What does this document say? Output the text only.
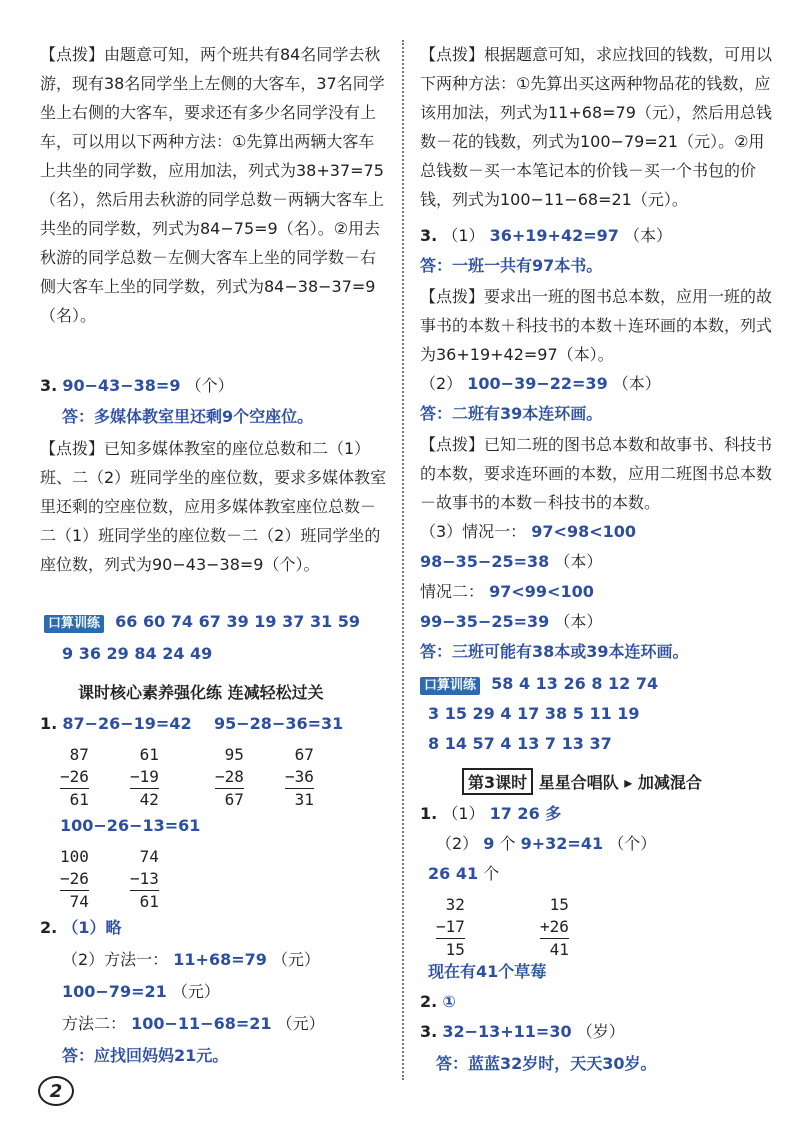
【点拨】由题意可知，两个班共有84名同学去秋游，现有38名同学坐上左侧的大客车，37名同学坐上右侧的大客车，要求还有多少名同学没有上车，可以用以下两种方法：①先算出两辆大客车上共坐的同学数，应用加法，列式为38+37=75（名），然后用去秋游的同学总数－两辆大客车上共坐的同学数，列式为84−75=9（名）。②用去秋游的同学总数－左侧大客车上坐的同学数－右侧大客车上坐的同学数，列式为84−38−37=9（名）。

3. 90−43−38=9 （个）
答：多媒体教室里还剩9个空座位。

【点拨】已知多媒体教室的座位总数和二（1）班、二（2）班同学坐的座位数，要求多媒体教室里还剩的空座位数，应用多媒体教室座位总数－二（1）班同学坐的座位数－二（2）班同学坐的座位数，列式为90−43−38=9（个）。

口算训练 66 60 74 67 39 19 37 31 59
9 36 29 84 24 49
课时核心素养强化练 连减轻松过关
1. 87−26−19=42 95−28−36=31
87
−26
61
61
−19
42
95
−28
67
67
−36
31
100−26−13=61
100
−26
74
74
−13
61
2. （1）略
（2）方法一： 11+68=79 （元）
100−79=21 （元）
方法二： 100−11−68=21 （元）
答：应找回妈妈21元。
2

【点拨】根据题意可知，求应找回的钱数，可用以下两种方法：①先算出买这两种物品花的钱数，应该用加法，列式为11+68=79（元），然后用总钱数－花的钱数，列式为100−79=21（元）。②用总钱数－买一本笔记本的价钱－买一个书包的价钱，列式为100−11−68=21（元）。

3. （1） 36+19+42=97 （本）
答：一班一共有97本书。

【点拨】要求出一班的图书总本数，应用一班的故事书的本数＋科技书的本数＋连环画的本数，列式为36+19+42=97（本）。

（2） 100−39−22=39 （本）
答：二班有39本连环画。

【点拨】已知二班的图书总本数和故事书、科技书的本数，要求连环画的本数，应用二班图书总本数－故事书的本数－科技书的本数。

（3）情况一： 97<98<100
98−35−25=38 （本）
情况二： 97<99<100
99−35−25=39 （本）
答：三班可能有38本或39本连环画。
口算训练 58 4 13 26 8 12 74
3 15 29 4 17 38 5 11 19
8 14 57 4 13 7 13 37
第3课时 星星合唱队 ▸ 加减混合
1. （1） 17 26 多
（2） 9 个 9+32=41 （个）
26 41 个
32
−17
15
15
+26
41
现在有41个草莓
2. ①
3. 32−13+11=30 （岁）
答：蓝蓝32岁时，天天30岁。
